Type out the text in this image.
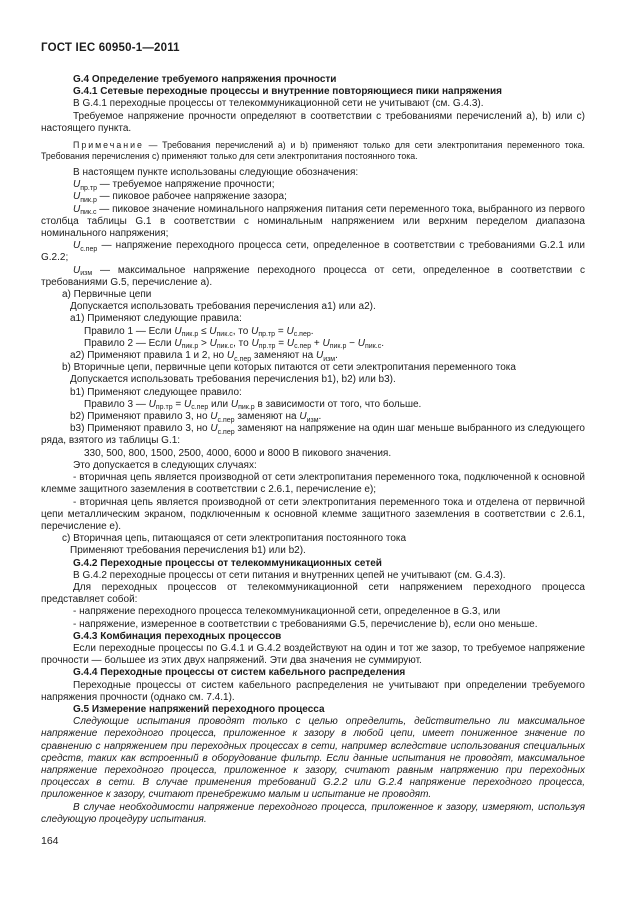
ГОСТ IEC 60950-1—2011

G.4 Определение требуемого напряжения прочности

G.4.1 Сетевые переходные процессы и внутренние повторяющиеся пики напряжения

В G.4.1 переходные процессы от телекоммуникационной сети не учитывают (см. G.4.3).

Требуемое напряжение прочности определяют в соответствии с требованиями перечислений a), b) или c) настоящего пункта.

Примечание — Требования перечислений a) и b) применяют только для сети электропитания переменного тока. Требования перечисления c) применяют только для сети электропитания постоянного тока.

В настоящем пункте использованы следующие обозначения:

$U_{пр.тр}$ — требуемое напряжение прочности;

$U_{пик.р}$ — пиковое рабочее напряжение зазора;

$U_{пик.с}$ — пиковое значение номинального напряжения питания сети переменного тока, выбранного из первого столбца таблицы G.1 в соответствии с номинальным напряжением или верхним переделом диапазона номинального напряжения;

$U_{с.пер}$ — напряжение переходного процесса сети, определенное в соответствии с требованиями G.2.1 или G.2.2;

$U_{изм}$ — максимальное напряжение переходного процесса от сети, определенное в соответствии с требованиями G.5, перечисление a).

a) Первичные цепи

Допускается использовать требования перечисления a1) или a2).

a1) Применяют следующие правила:

Правило 1 — Если $U_{пик.р} \le U_{пик.с}$, то $U_{пр.тр} = U_{с.пер}$.

Правило 2 — Если $U_{пик.р} > U_{пик.с}$, то $U_{пр.тр} = U_{с.пер} + U_{пик.р} - U_{пик.с}$.

a2) Применяют правила 1 и 2, но $U_{с.пер}$ заменяют на $U_{изм}$.

b) Вторичные цепи, первичные цепи которых питаются от сети электропитания переменного тока

Допускается использовать требования перечисления b1), b2) или b3).

b1) Применяют следующее правило:

Правило 3 — $U_{пр.тр} = U_{с.пер}$ или $U_{пик.р}$ в зависимости от того, что больше.

b2) Применяют правило 3, но $U_{с.пер}$ заменяют на $U_{изм}$.

b3) Применяют правило 3, но $U_{с.пер}$ заменяют на напряжение на один шаг меньше выбранного из следующего ряда, взятого из таблицы G.1:

330, 500, 800, 1500, 2500, 4000, 6000 и 8000 В пикового значения.

Это допускается в следующих случаях:

- вторичная цепь является производной от сети электропитания переменного тока, подключенной к основной клемме защитного заземления в соответствии с 2.6.1, перечисление e);

- вторичная цепь является производной от сети электропитания переменного тока и отделена от первичной цепи металлическим экраном, подключенным к основной клемме защитного заземления в соответствии с 2.6.1, перечисление e).

c) Вторичная цепь, питающаяся от сети электропитания постоянного тока

Применяют требования перечисления b1) или b2).

G.4.2 Переходные процессы от телекоммуникационных сетей

В G.4.2 переходные процессы от сети питания и внутренних цепей не учитывают (см. G.4.3).

Для переходных процессов от телекоммуникационной сети напряжением переходного процесса представляет собой:

- напряжение переходного процесса телекоммуникационной сети, определенное в G.3, или

- напряжение, измеренное в соответствии с требованиями G.5, перечисление b), если оно меньше.

G.4.3 Комбинация переходных процессов

Если переходные процессы по G.4.1 и G.4.2 воздействуют на один и тот же зазор, то требуемое напряжение прочности — большее из этих двух напряжений. Эти два значения не суммируют.

G.4.4 Переходные процессы от систем кабельного распределения

Переходные процессы от систем кабельного распределения не учитывают при определении требуемого напряжения прочности (однако см. 7.4.1).

G.5 Измерение напряжений переходного процесса

Следующие испытания проводят только с целью определить, действительно ли максимальное напряжение переходного процесса, приложенное к зазору в любой цепи, имеет пониженное значение по сравнению с напряжением при переходных процессах в сети, например вследствие использования специальных средств, таких как встроенный в оборудование фильтр. Если данные испытания не проводят, максимальное напряжение переходного процесса, приложенное к зазору, считают равным напряжению при переходных процессах в сети. В случае применения требований G.2.2 или G.2.4 напряжение переходного процесса, приложенное к зазору, считают пренебрежимо малым и испытание не проводят.

В случае необходимости напряжение переходного процесса, приложенное к зазору, измеряют, используя следующую процедуру испытания.

164
